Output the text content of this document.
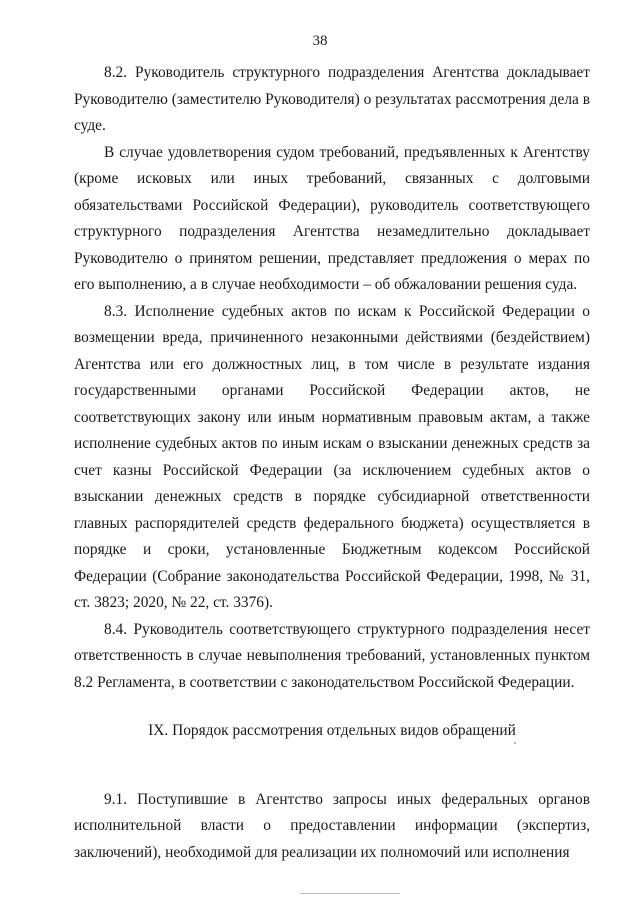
38

8.2. Руководитель структурного подразделения Агентства докладывает Руководителю (заместителю Руководителя) о результатах рассмотрения дела в суде.

В случае удовлетворения судом требований, предъявленных к Агентству (кроме исковых или иных требований, связанных с долговыми обязательствами Российской Федерации), руководитель соответствующего структурного подразделения Агентства незамедлительно докладывает Руководителю о принятом решении, представляет предложения о мерах по его выполнению, а в случае необходимости – об обжаловании решения суда.

8.3. Исполнение судебных актов по искам к Российской Федерации о возмещении вреда, причиненного незаконными действиями (бездействием) Агентства или его должностных лиц, в том числе в результате издания государственными органами Российской Федерации актов, не соответствующих закону или иным нормативным правовым актам, а также исполнение судебных актов по иным искам о взыскании денежных средств за счет казны Российской Федерации (за исключением судебных актов о взыскании денежных средств в порядке субсидиарной ответственности главных распорядителей средств федерального бюджета) осуществляется в порядке и сроки, установленные Бюджетным кодексом Российской Федерации (Собрание законодательства Российской Федерации, 1998, № 31, ст. 3823; 2020, № 22, ст. 3376).

8.4. Руководитель соответствующего структурного подразделения несет ответственность в случае невыполнения требований, установленных пунктом 8.2 Регламента, в соответствии с законодательством Российской Федерации.

IX. Порядок рассмотрения отдельных видов обращений

9.1. Поступившие в Агентство запросы иных федеральных органов исполнительной власти о предоставлении информации (экспертиз, заключений), необходимой для реализации их полномочий или исполнения
